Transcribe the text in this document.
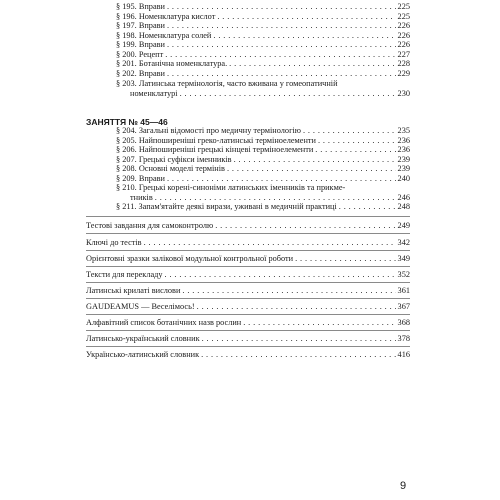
§ 195. Вправи . . .	225
§ 196. Номенклатура кислот . . .	225
§ 197. Вправи . . .	226
§ 198. Номенклатура солей . . .	226
§ 199. Вправи . . .	226
§ 200. Рецепт . . .	227
§ 201. Ботанічна номенклатура. . . .	228
§ 202. Вправи . . .	229
§ 203. Латинська термінологія, часто вживана у гомеопатичній
номенклатурі . . .	230
ЗАНЯТТЯ № 45—46
§ 204. Загальні відомості про медичну термінологію . . .	235
§ 205. Найпоширеніші греко-латинські терміноелементи . . .	236
§ 206. Найпоширеніші грецькі кінцеві терміноелементи . . .	236
§ 207. Грецькі суфікси іменників . . .	239
§ 208. Основні моделі термінів . . .	239
§ 209. Вправи . . .	240
§ 210. Грецькі корені-синоніми латинських іменників та прикме-
тників . . .	246
§ 211. Запам'ятайте деякі вирази, уживані в медичній практиці . . .	248
Тестові завдання для самоконтролю . . .	249
Ключі до тестів . . .	342
Орієнтовні зразки залікової модульної контрольної роботи . . .	349
Тексти для перекладу . . .	352
Латинські крилаті вислови . . .	361
GAUDEAMUS — Веселімось! . . .	367
Алфавітний список ботанічних назв рослин . . .	368
Латинсько-український словник . . .	378
Українсько-латинський словник . . .	416
9
